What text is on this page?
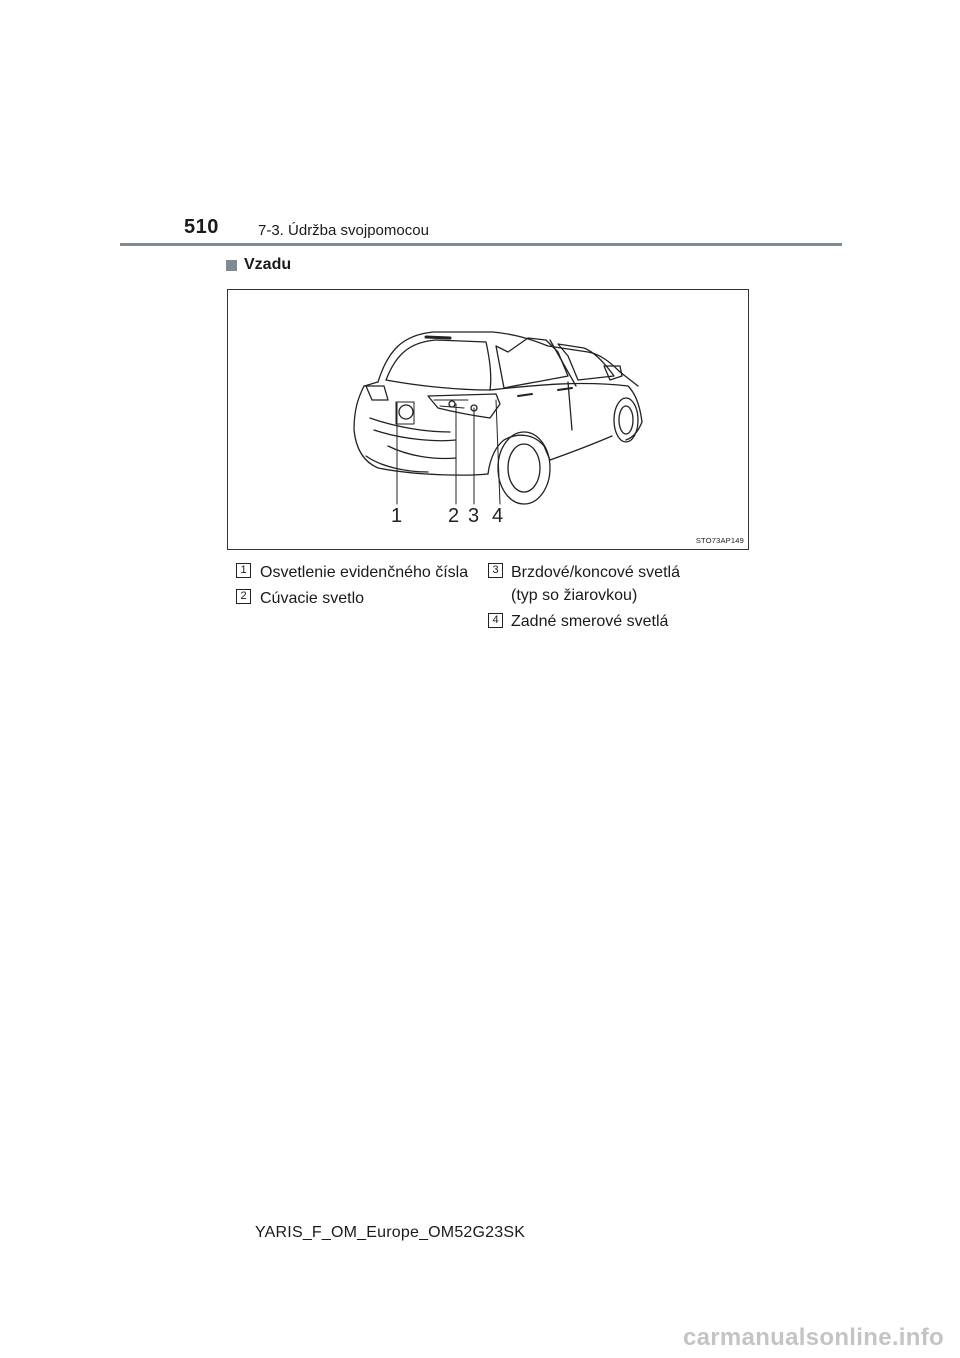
510	7-3. Údržba svojpomocou
Vzadu
1 2 3 4
STO73AP149
1 Osvetlenie evidenčného čísla
2 Cúvacie svetlo
3 Brzdové/koncové svetlá
(typ so žiarovkou)
4 Zadné smerové svetlá
YARIS_F_OM_Europe_OM52G23SK
carmanualsonline.info
